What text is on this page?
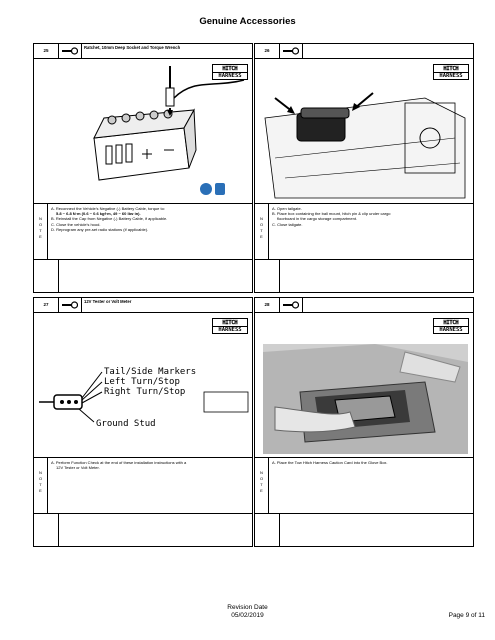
Genuine Accessories
25
Ratchet, 10mm Deep Socket and Torque Wrench
HITCH
HARNESS
N
O
T
E
A. Reconnect the Vehicle's Negative (-) Battery Cable, torque to:
5.8 ~ 6.8 N·m (0.6 ~ 0.6 kgf·m, 49 ~ 60 lbs·in).
B. Reinstall the Cap from Negative (-) Battery Cable, if applicable.
C. Close the vehicle's hood.
D. Reprogram any pre-set radio stations (if applicable).
26
HITCH
HARNESS
N
O
T
E
A. Open tailgate.
B. Place box containing the ball mount, hitch pin & clip under cargo
floorboard in the cargo storage compartment.
C. Close tailgate.
27
12V Tester or Volt Meter
HITCH
HARNESS
Tail/Side Markers
Left Turn/Stop
Right Turn/Stop
Ground Stud
N
O
T
E
A. Perform Function Check at the end of these installation instructions with a
12V Tester or Volt Meter.
28
HITCH
HARNESS
N
O
T
E
A. Place the Tow Hitch Harness Caution Card into the Glove Box.
Revision Date
05/02/2019	Page 9 of 11
